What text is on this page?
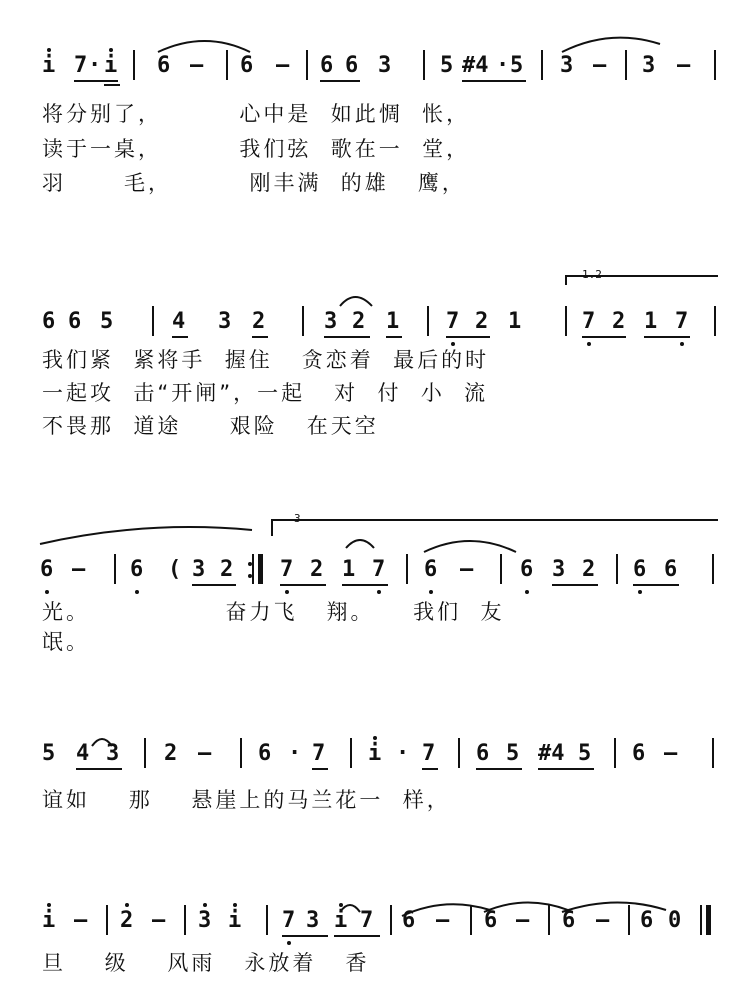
i 7 · i 6 – 6 – 6 6 3 5 #4 · 5 3 – 3 –
将分别了，        心中是  如此惆  怅，
读于一桌，        我们弦  歌在一  堂，
羽      毛，        刚丰满  的雄   鹰，
1.2
6 6 5	4 3 2	3 2 1 7 2 1	7 2 1 7
我们紧  紧将手  握住   贪恋着  最后的时
一起攻  击“开闸”，一起   对  付  小  流
不畏那  道途     艰险   在天空
3
6 – 6 ( 3 2 7 2 1 7 6 – 6 3 2 6 6
光。              奋力飞   翔。    我们  友
氓。
5 4 3 2 – 6 · 7 i · 7 6 5 #4 5 6 –
谊如    那    悬崖上的马兰花一  样，
i – 2 – 3 i 7 3 i 7 6 – 6 – 6 – 6 0
旦    级    风雨   永放着   香
